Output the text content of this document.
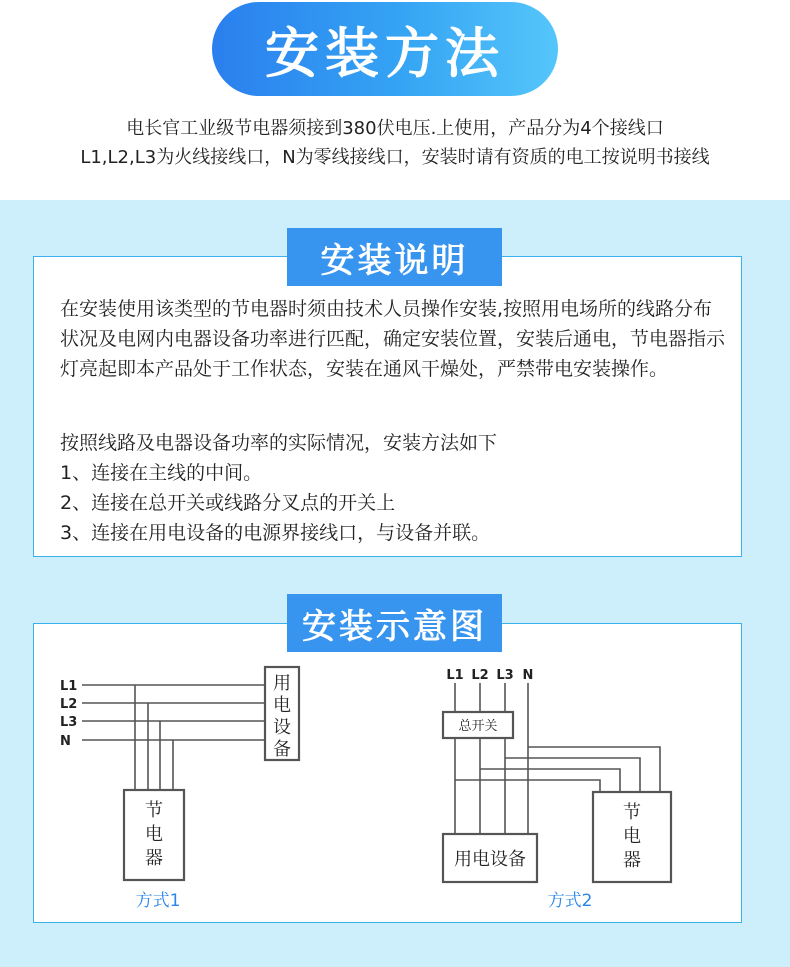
安装方法
电长官工业级节电器须接到380伏电压.上使用，产品分为4个接线口
L1,L2,L3为火线接线口，N为零线接线口，安装时请有资质的电工按说明书接线
安装说明
在安装使用该类型的节电器时须由技术人员操作安装,按照用电场所的线路分布状况及电网内电器设备功率进行匹配，确定安装位置，安装后通电，节电器指示灯亮起即本产品处于工作状态，安装在通风干燥处，严禁带电安装操作。
按照线路及电器设备功率的实际情况，安装方法如下
1、连接在主线的中间。
2、连接在总开关或线路分叉点的开关上
3、连接在用电设备的电源界接线口，与设备并联。
安装示意图
L1
L2
L3
N
用
电
设
备
节
电
器
方式1
L1 L2 L3 N
总开关
用电设备
节
电
器
方式2
